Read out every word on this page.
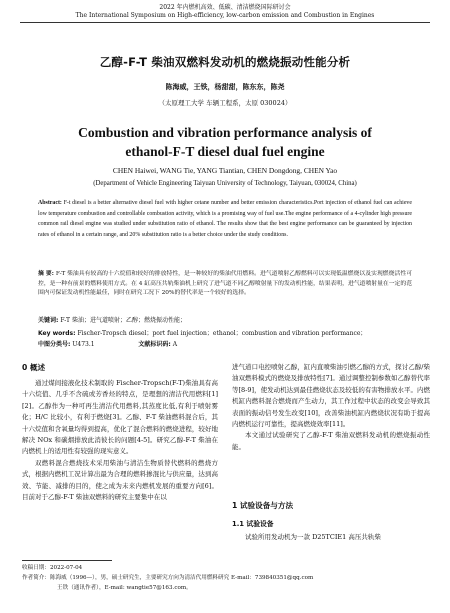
2022 年内燃机高效、低碳、清洁燃烧国际研讨会
The International Symposium on High-efficiency, low-carbon emission and Combustion in Engines
乙醇-F-T 柴油双燃料发动机的燃烧振动性能分析
陈海威，王铁，杨甜甜，陈东东，陈尧
（太原理工大学 车辆工程系，太原 030024）
Combustion and vibration performance analysis of
ethanol-F-T diesel dual fuel engine
CHEN Haiwei, WANG Tie, YANG Tiantian, CHEN Dongdong, CHEN Yao
(Department of Vehicle Engineering Taiyuan University of Technology, Taiyuan, 030024, China)
Abstract: F-t diesel is a better alternative diesel fuel with higher cetane number and better emission characteristics.Port injection of ethanol fuel can achieve low temperature combustion and controllable combustion activity, which is a promising way of fuel use.The engine performance of a 4-cylinder high pressure common rail diesel engine was studied under substitution ratio of ethanol. The results show that the best engine performance can be guaranteed by injection rates of ethanol in a certain range, and 20% substitution ratio is a better choice under the study conditions.
摘 要: F-T 柴油具有较高的十六烷值和较好的排放特性，是一种较好的柴油代用燃料。进气道喷射乙醇燃料可以实现低温燃烧以及实现燃烧活性可控，是一种有前景的燃料使用方式。在 4 缸高压共轨柴油机上研究了进气道不同乙醇喷射量下的发动机性能，结果表明，进气道喷射量在一定的范围内可保证发动机性能最佳，同时在研究工况下 20%的替代率是一个较好的选择。
关键词: F-T 柴油；进气道喷射；乙醇；燃烧振动性能；
Key words: Fischer-Tropsch diesel；port fuel injection；ethanol；combustion and vibration performance；
中图分类号: U473.1	文献标识码: A
0 概述

通过煤间接液化技术制取的 Fischer-Tropsch(F-T)柴油具有高十六烷值、几乎不含硫或芳香烃的特点，是理想的清洁代用燃料[1][2]。乙醇作为一种可再生清洁代用燃料,其蒸度比低,有利于喷射雾化；H/C 比较小，有利于燃烧[3]。乙醇、F-T 柴油燃料混合后，其十六烷值和含氧量均得到提高，优化了混合燃料的燃烧进程，较好地解决 NOx 和碳烟排放此消彼长的问题[4-5]。研究乙醇-F-T 柴油在内燃机上的适用性有较强的现实意义。

双燃料混合燃烧技术采用柴油与清洁生物质替代燃料的燃烧方式，根据内燃机工况计算出最为合理的燃料掺混比与供应量，达到高效、节能、减排的目的，使之成为未来内燃机发展的重要方向[6]。目前对于乙醇-F-T 柴油双燃料的研究主要集中在以

进气道口电控喷射乙醇，缸内直喷柴油引燃乙醇的方式，探讨乙醇/柴油双燃料模式的燃烧及排放特性[7]。通过调整控制参数如乙醇替代率等[8-9]，使发动机达到最佳燃烧状态及较低的有害物排放水平。内燃机缸内燃料混合燃烧而产生动力，其工作过程中状态的改变会导致其表面的振动信号发生改变[10]，改善柴油机缸内燃烧状况有助于提高内燃机运行可靠性，提高燃烧效率[11]。

本文通过试验研究了乙醇-F-T 柴油双燃料发动机的燃烧振动性能。

1 试验设备与方法
1.1 试验设备

试验所用发动机为一款 D25TCIE1 高压共轨柴

收稿日期：2022-07-04
作者简介：陈海威（1996—），男，硕士研究生，主要研究方向为清洁代用燃料研究 E-mail：739840351@qq.com
王铁（通讯作者），E-mail: wangtie57@163.com。
